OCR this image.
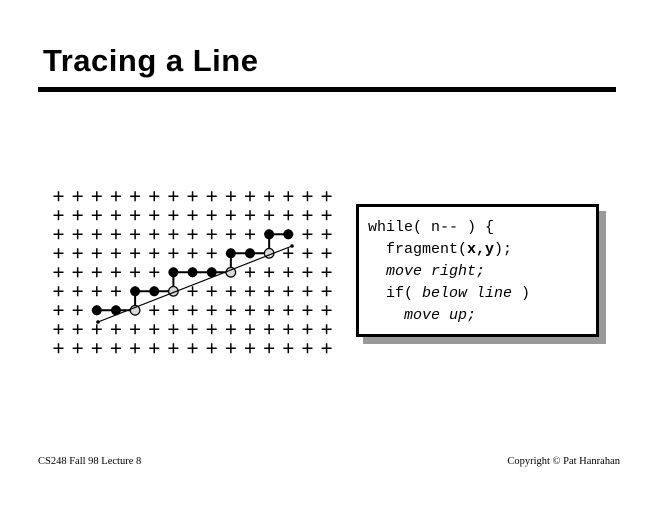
Tracing a Line
while( n-- ) {
fragment(x,y);
move right;
if( below line )
move up;
CS248 Fall 98 Lecture 8	Copyright © Pat Hanrahan
